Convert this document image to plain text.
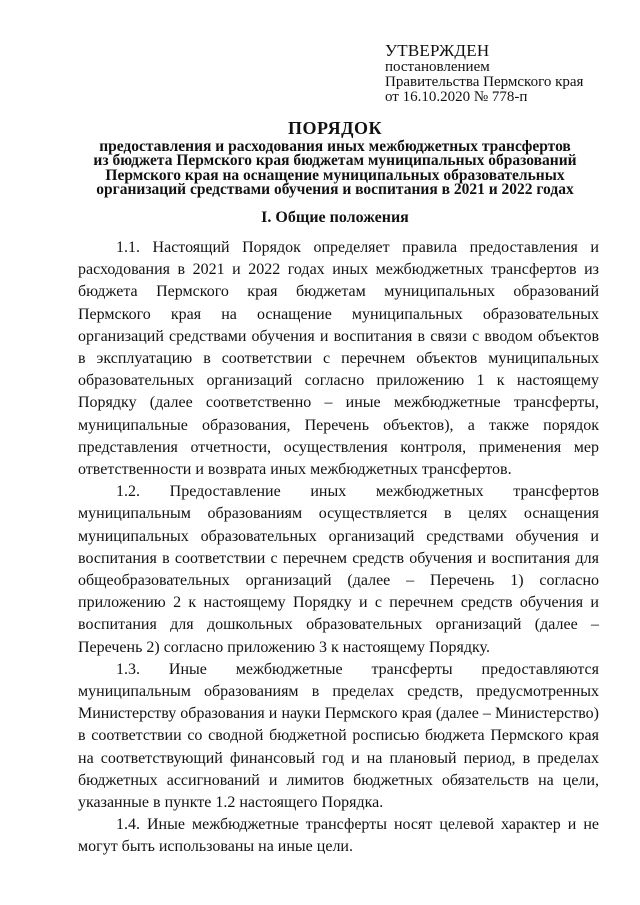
УТВЕРЖДЕН
постановлением
Правительства Пермского края
от 16.10.2020 № 778-п
ПОРЯДОК
предоставления и расходования иных межбюджетных трансфертов
из бюджета Пермского края бюджетам муниципальных образований
Пермского края на оснащение муниципальных образовательных
организаций средствами обучения и воспитания в 2021 и 2022 годах
I. Общие положения

1.1. Настоящий Порядок определяет правила предоставления и расходования в 2021 и 2022 годах иных межбюджетных трансфертов из бюджета Пермского края бюджетам муниципальных образований Пермского края на оснащение муниципальных образовательных организаций средствами обучения и воспитания в связи с вводом объектов в эксплуатацию в соответствии с перечнем объектов муниципальных образовательных организаций согласно приложению 1 к настоящему Порядку (далее соответственно – иные межбюджетные трансферты, муниципальные образования, Перечень объектов), а также порядок представления отчетности, осуществления контроля, применения мер ответственности и возврата иных межбюджетных трансфертов.

1.2. Предоставление иных межбюджетных трансфертов муниципальным образованиям осуществляется в целях оснащения муниципальных образовательных организаций средствами обучения и воспитания в соответствии с перечнем средств обучения и воспитания для общеобразовательных организаций (далее – Перечень 1) согласно приложению 2 к настоящему Порядку и с перечнем средств обучения и воспитания для дошкольных образовательных организаций (далее – Перечень 2) согласно приложению 3 к настоящему Порядку.

1.3. Иные межбюджетные трансферты предоставляются муниципальным образованиям в пределах средств, предусмотренных Министерству образования и науки Пермского края (далее – Министерство) в соответствии со сводной бюджетной росписью бюджета Пермского края на соответствующий финансовый год и на плановый период, в пределах бюджетных ассигнований и лимитов бюджетных обязательств на цели, указанные в пункте 1.2 настоящего Порядка.

1.4. Иные межбюджетные трансферты носят целевой характер и не могут быть использованы на иные цели.
